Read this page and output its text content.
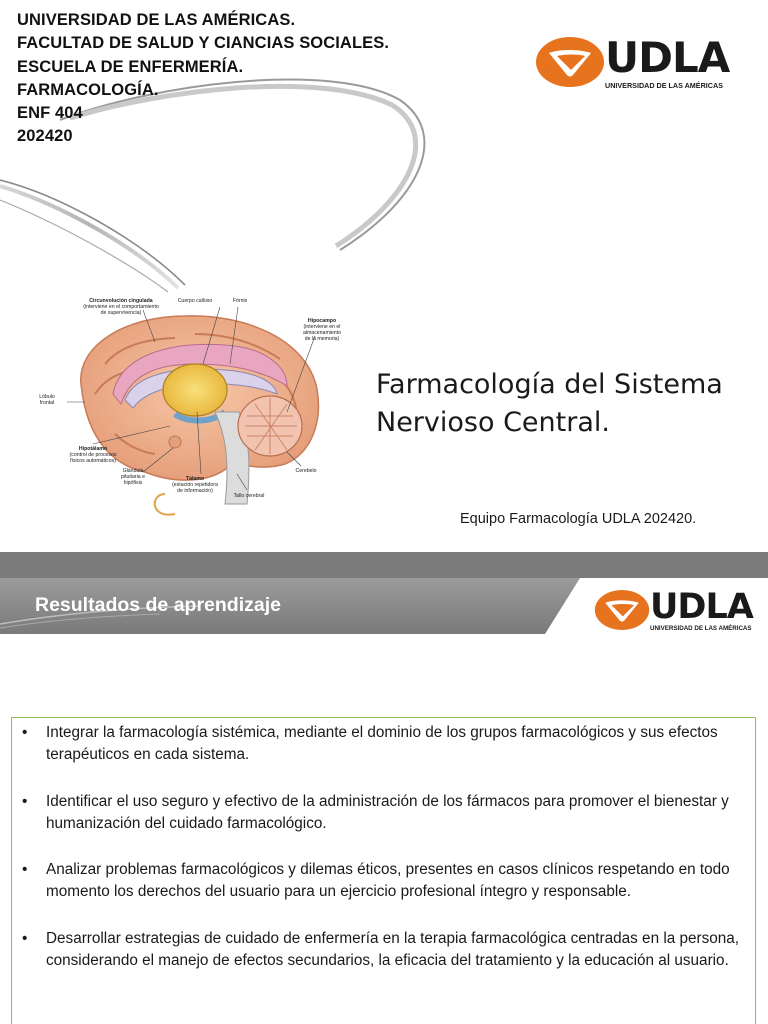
UNIVERSIDAD DE LAS AMÉRICAS.
FACULTAD DE SALUD Y CIANCIAS SOCIALES.
ESCUELA DE ENFERMERÍA.
FARMACOLOGÍA.
ENF 404
202420
UDLA
UNIVERSIDAD DE LAS AMÉRICAS
Circunvolución cingulada
(interviene en el comportamiento
de supervivencia)
Cuerpo calloso	Fórnix
Hipocampo
(interviene en el
almacenamiento
de la memoria)
Lóbulo
frontal
Hipotálamo
(control de procesos
físicos automáticos)
Glándula
pituitaria e
hipófisis
Tálamo
(estación repetidora
de información)
Cerebelo
Tallo cerebral
Farmacología del Sistema
Nervioso Central.
Equipo Farmacología UDLA 202420.
Resultados de aprendizaje	UDLA
UNIVERSIDAD DE LAS AMÉRICAS
• Integrar la farmacología sistémica, mediante el dominio de los grupos farmacológicos y sus efectos terapéuticos en cada sistema.
• Identificar el uso seguro y efectivo de la administración de los fármacos para promover el bienestar y humanización del cuidado farmacológico.
• Analizar problemas farmacológicos y dilemas éticos, presentes en casos clínicos respetando en todo momento los derechos del usuario para un ejercicio profesional íntegro y responsable.
• Desarrollar estrategias de cuidado de enfermería en la terapia farmacológica centradas en la persona, considerando el manejo de efectos secundarios, la eficacia del tratamiento y la educación al usuario.
